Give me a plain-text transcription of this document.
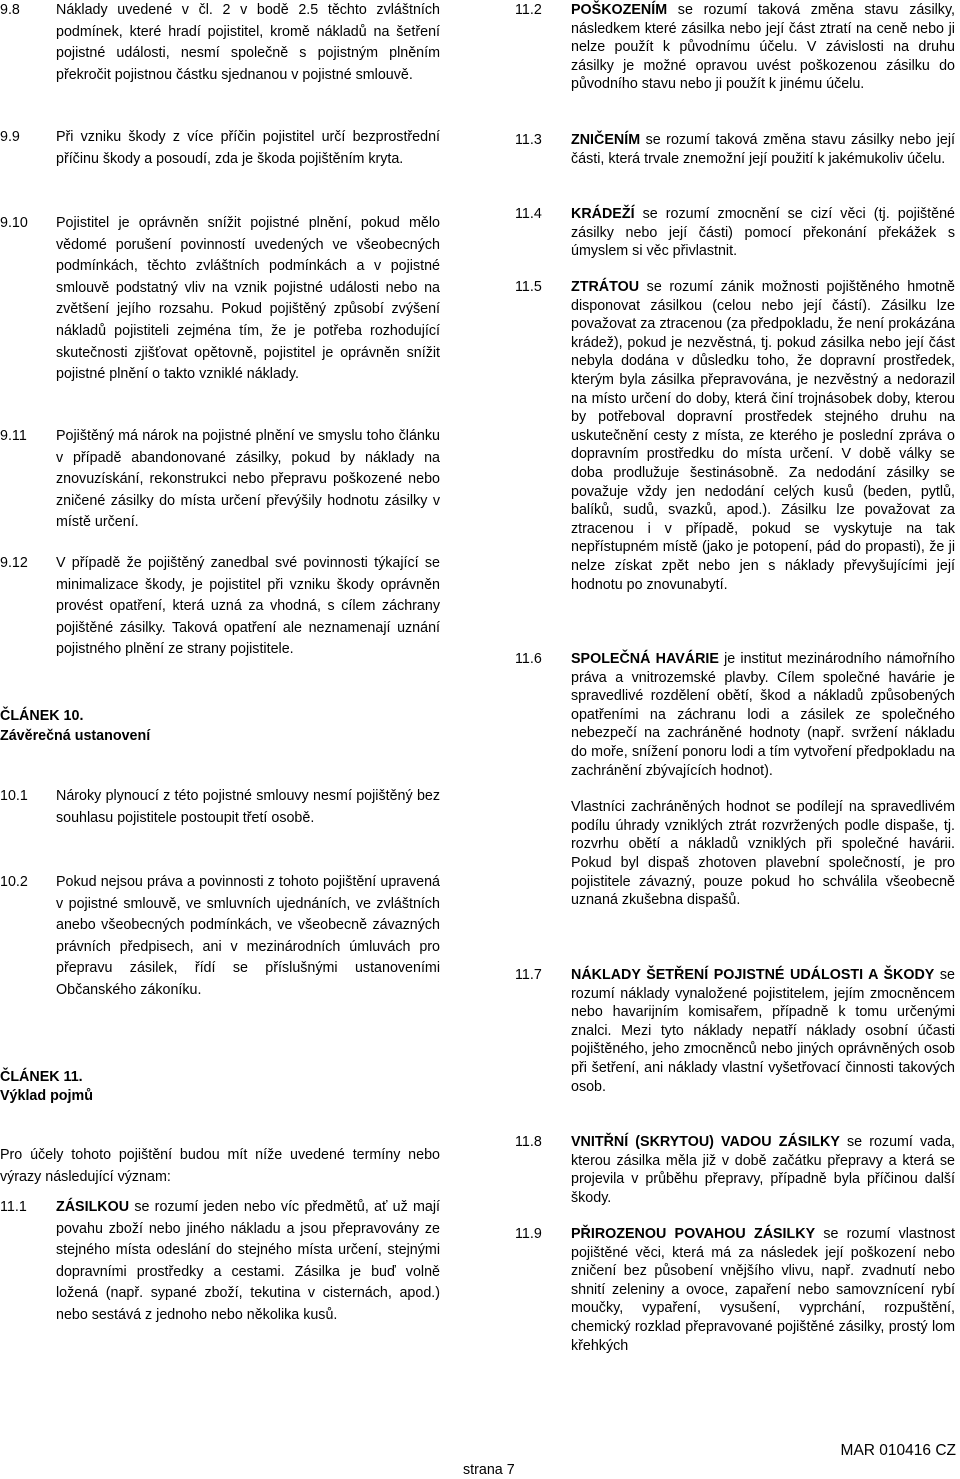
9.8	Náklady uvedené v čl. 2 v bodě 2.5 těchto zvláštních podmínek, které hradí pojistitel, kromě nákladů na šetření pojistné události, nesmí společně s pojistným plněním překročit pojistnou částku sjednanou v pojistné smlouvě.
9.9	Při vzniku škody z více příčin pojistitel určí bezprostřední příčinu škody a posoudí, zda je škoda pojištěním kryta.
9.10 Pojistitel je oprávněn snížit pojistné plnění, pokud mělo vědomé porušení povinností uvedených ve všeobecných podmínkách, těchto zvláštních podmínkách a v pojistné smlouvě podstatný vliv na vznik pojistné události nebo na zvětšení jejího rozsahu. Pokud pojištěný způsobí zvýšení nákladů pojistiteli zejména tím, že je potřeba rozhodující skutečnosti zjišťovat opětovně, pojistitel je oprávněn snížit pojistné plnění o takto vzniklé náklady.
9.11 Pojištěný má nárok na pojistné plnění ve smyslu toho článku v případě abandonované zásilky, pokud by náklady na znovuzískání, rekonstrukci nebo přepravu poškozené nebo zničené zásilky do místa určení převýšily hodnotu zásilky v místě určení.
9.12 V případě že pojištěný zanedbal své povinnosti týkající se minimalizace škody, je pojistitel při vzniku škody oprávněn provést opatření, která uzná za vhodná, s cílem záchrany pojištěné zásilky. Taková opatření ale neznamenají uznání pojistného plnění ze strany pojistitele.
ČLÁNEK 10.
Závěrečná ustanovení
10.1 Nároky plynoucí z této pojistné smlouvy nesmí pojištěný bez souhlasu pojistitele postoupit třetí osobě.
10.2 Pokud nejsou práva a povinnosti z tohoto pojištění upravená v pojistné smlouvě, ve smluvních ujednáních, ve zvláštních anebo všeobecných podmínkách, ve všeobecně závazných právních předpisech, ani v mezinárodních úmluvách pro přepravu zásilek, řídí se příslušnými ustanoveními Občanského zákoníku.
ČLÁNEK 11.
Výklad pojmů
Pro účely tohoto pojištění budou mít níže uvedené termíny nebo výrazy následující význam:
11.1 ZÁSILKOU se rozumí jeden nebo víc předmětů, ať už mají povahu zboží nebo jiného nákladu a jsou přepravovány ze stejného místa odeslání do stejného místa určení, stejnými dopravními prostředky a cestami. Zásilka je buď volně ložená (např. sypané zboží, tekutina v cisternách, apod.) nebo sestává z jednoho nebo několika kusů.
11.2 POŠKOZENÍM se rozumí taková změna stavu zásilky, následkem které zásilka nebo její část ztratí na ceně nebo ji nelze použít k původnímu účelu. V závislosti na druhu zásilky je možné opravou uvést poškozenou zásilku do původního stavu nebo ji použít k jinému účelu.
11.3 ZNIČENÍM se rozumí taková změna stavu zásilky nebo její části, která trvale znemožní její použití k jakémukoliv účelu.
11.4 KRÁDEŽÍ se rozumí zmocnění se cizí věci (tj. pojištěné zásilky nebo její části) pomocí překonání překážek s úmyslem si věc přivlastnit.
11.5 ZTRÁTOU se rozumí zánik možnosti pojištěného hmotně disponovat zásilkou (celou nebo její částí). Zásilku lze považovat za ztracenou (za předpokladu, že není prokázána krádež), pokud je nezvěstná, tj. pokud zásilka nebo její část nebyla dodána v důsledku toho, že dopravní prostředek, kterým byla zásilka přepravována, je nezvěstný a nedorazil na místo určení do doby, která činí trojnásobek doby, kterou by potřeboval dopravní prostředek stejného druhu na uskutečnění cesty z místa, ze kterého je poslední zpráva o dopravním prostředku do místa určení. V době války se doba prodlužuje šestinásobně. Za nedodání zásilky se považuje vždy jen nedodání celých kusů (beden, pytlů, balíků, sudů, svazků, apod.). Zásilku lze považovat za ztracenou i v případě, pokud se vyskytuje na tak nepřístupném místě (jako je potopení, pád do propasti), že ji nelze získat zpět nebo jen s náklady převyšujícími její hodnotu po znovunabytí.
11.6 SPOLEČNÁ HAVÁRIE je institut mezinárodního námořního práva a vnitrozemské plavby. Cílem společné havárie je spravedlivé rozdělení obětí, škod a nákladů způsobených opatřeními na záchranu lodi a zásilek ze společného nebezpečí na zachráněné hodnoty (např. svržení nákladu do moře, snížení ponoru lodi a tím vytvoření předpokladu na zachránění zbývajících hodnot).
Vlastníci zachráněných hodnot se podílejí na spravedlivém podílu úhrady vzniklých ztrát rozvržených podle dispaše, tj. rozvrhu obětí a nákladů vzniklých při společné havárii. Pokud byl dispaš zhotoven plavební společností, je pro pojistitele závazný, pouze pokud ho schválila všeobecně uznaná zkušebna dispašů.
11.7 NÁKLADY ŠETŘENÍ POJISTNÉ UDÁLOSTI A ŠKODY se rozumí náklady vynaložené pojistitelem, jejím zmocněncem nebo havarijním komisařem, případně k tomu určenými znalci. Mezi tyto náklady nepatří náklady osobní účasti pojištěného, jeho zmocněnců nebo jiných oprávněných osob při šetření, ani náklady vlastní vyšetřovací činnosti takových osob.
11.8 VNITŘNÍ (SKRYTOU) VADOU ZÁSILKY se rozumí vada, kterou zásilka měla již v době začátku přepravy a která se projevila v průběhu přepravy, případně byla příčinou další škody.
11.9 PŘIROZENOU POVAHOU ZÁSILKY se rozumí vlastnost pojištěné věci, která má za následek její poškození nebo zničení bez působení vnějšího vlivu, např. zvadnutí nebo shnití zeleniny a ovoce, zapaření nebo samovznícení rybí moučky, vypaření, vysušení, vyprchání, rozpuštění, chemický rozklad přepravované pojištěné zásilky, prostý lom křehkých
strana 7
MAR 010416 CZ
